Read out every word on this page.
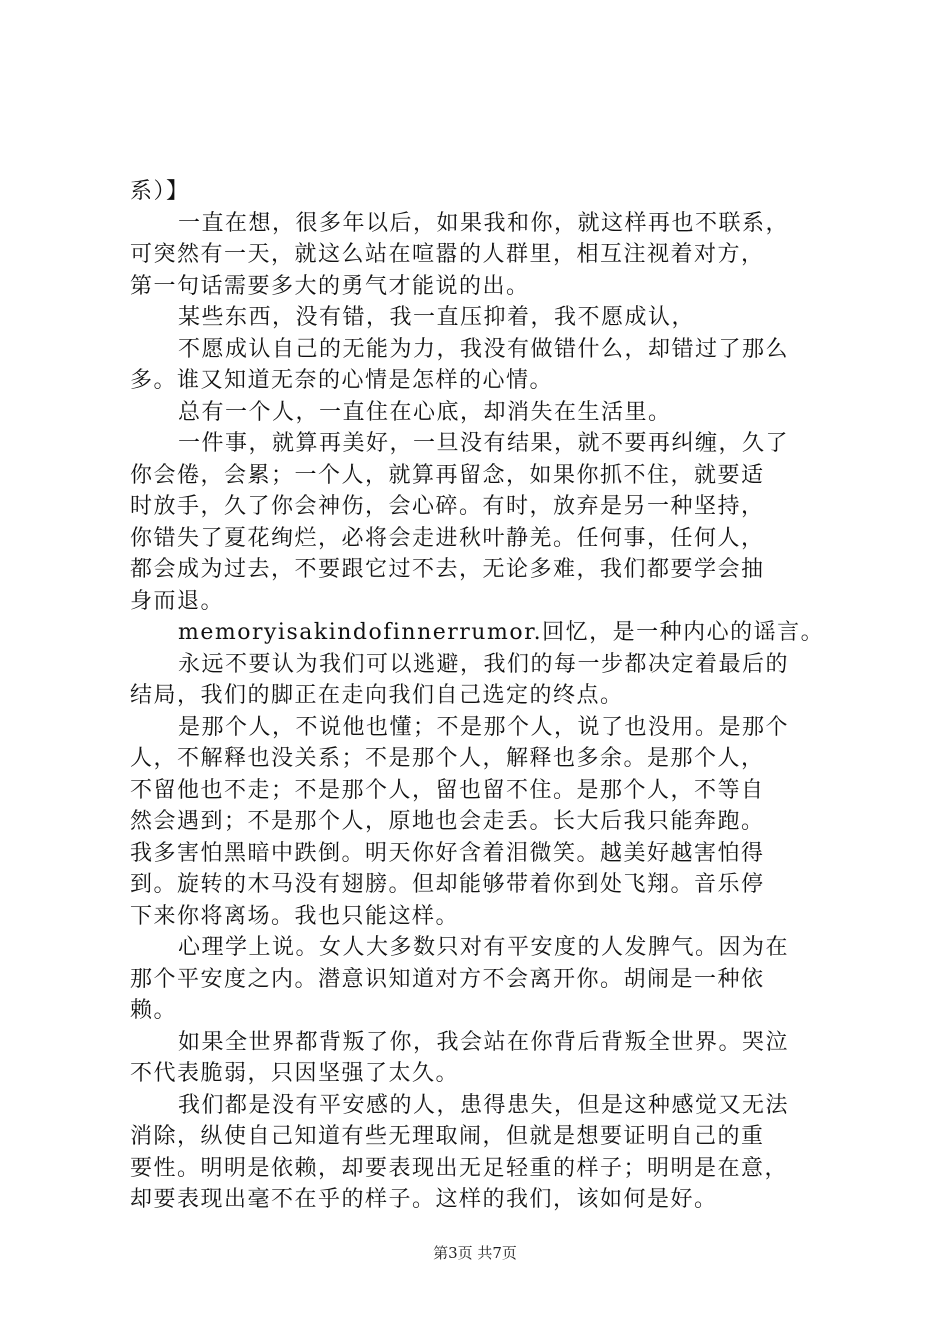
系）】
一直在想，很多年以后，如果我和你，就这样再也不联系，
可突然有一天，就这么站在喧嚣的人群里，相互注视着对方，
第一句话需要多大的勇气才能说的出。
某些东西，没有错，我一直压抑着，我不愿成认，
不愿成认自己的无能为力，我没有做错什么，却错过了那么
多。谁又知道无奈的心情是怎样的心情。
总有一个人，一直住在心底，却消失在生活里。
一件事，就算再美好，一旦没有结果，就不要再纠缠，久了
你会倦，会累；一个人，就算再留念，如果你抓不住，就要适
时放手，久了你会神伤，会心碎。有时，放弃是另一种坚持，
你错失了夏花绚烂，必将会走进秋叶静羌。任何事，任何人，
都会成为过去，不要跟它过不去，无论多难，我们都要学会抽
身而退。
memoryisakindofinnerrumor.回忆，是一种内心的谣言。
永远不要认为我们可以逃避，我们的每一步都决定着最后的
结局，我们的脚正在走向我们自己选定的终点。
是那个人，不说他也懂；不是那个人，说了也没用。是那个
人，不解释也没关系；不是那个人，解释也多余。是那个人，
不留他也不走；不是那个人，留也留不住。是那个人，不等自
然会遇到；不是那个人，原地也会走丢。长大后我只能奔跑。
我多害怕黑暗中跌倒。明天你好含着泪微笑。越美好越害怕得
到。旋转的木马没有翅膀。但却能够带着你到处飞翔。音乐停
下来你将离场。我也只能这样。
心理学上说。女人大多数只对有平安度的人发脾气。因为在
那个平安度之内。潜意识知道对方不会离开你。胡闹是一种依
赖。
如果全世界都背叛了你，我会站在你背后背叛全世界。哭泣
不代表脆弱，只因坚强了太久。
我们都是没有平安感的人，患得患失，但是这种感觉又无法
消除，纵使自己知道有些无理取闹，但就是想要证明自己的重
要性。明明是依赖，却要表现出无足轻重的样子；明明是在意，
却要表现出毫不在乎的样子。这样的我们，该如何是好。
第3页 共7页
